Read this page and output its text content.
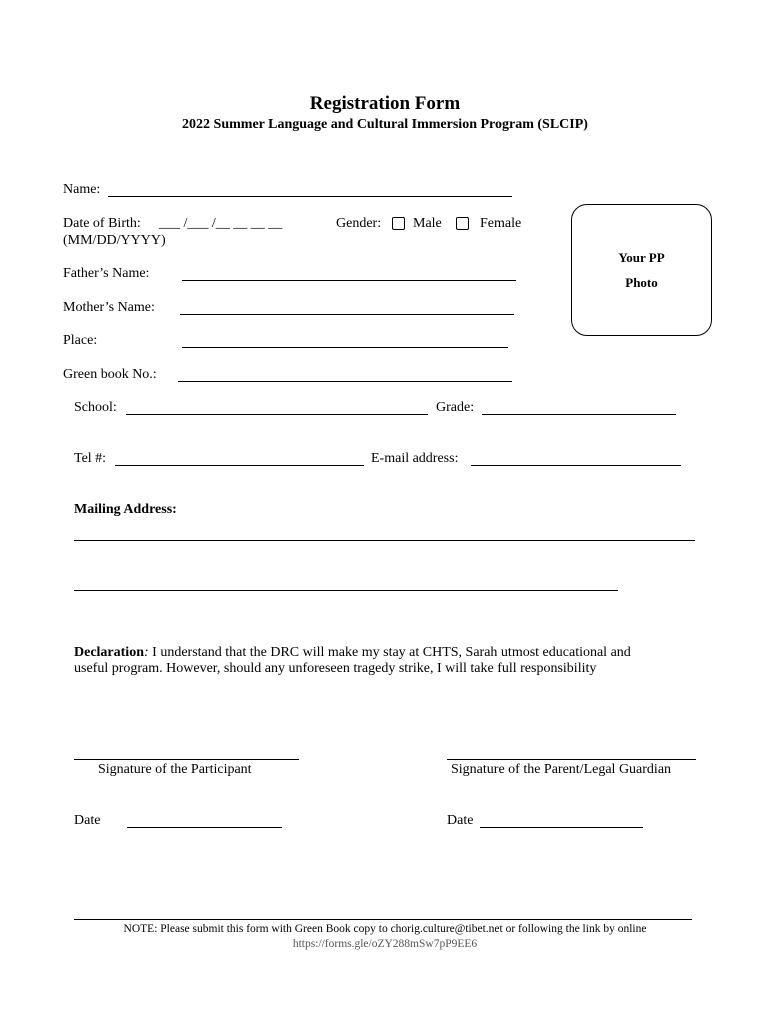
Registration Form
2022 Summer Language and Cultural Immersion Program (SLCIP)
Name:
Date of Birth: ___ /___ /__ __ __ __
(MM/DD/YYYY)
Gender: Male	Female
Your PP
Photo
Father’s Name:
Mother’s Name:
Place:
Green book No.:
School:	Grade:
Tel #:	E-mail address:
Mailing Address:
Declaration: I understand that the DRC will make my stay at CHTS, Sarah utmost educational and
useful program. However, should any unforeseen tragedy strike, I will take full responsibility
Signature of the Participant	Signature of the Parent/Legal Guardian
Date	Date
NOTE: Please submit this form with Green Book copy to chorig.culture@tibet.net or following the link by online
https://forms.gle/oZY288mSw7pP9EE6
